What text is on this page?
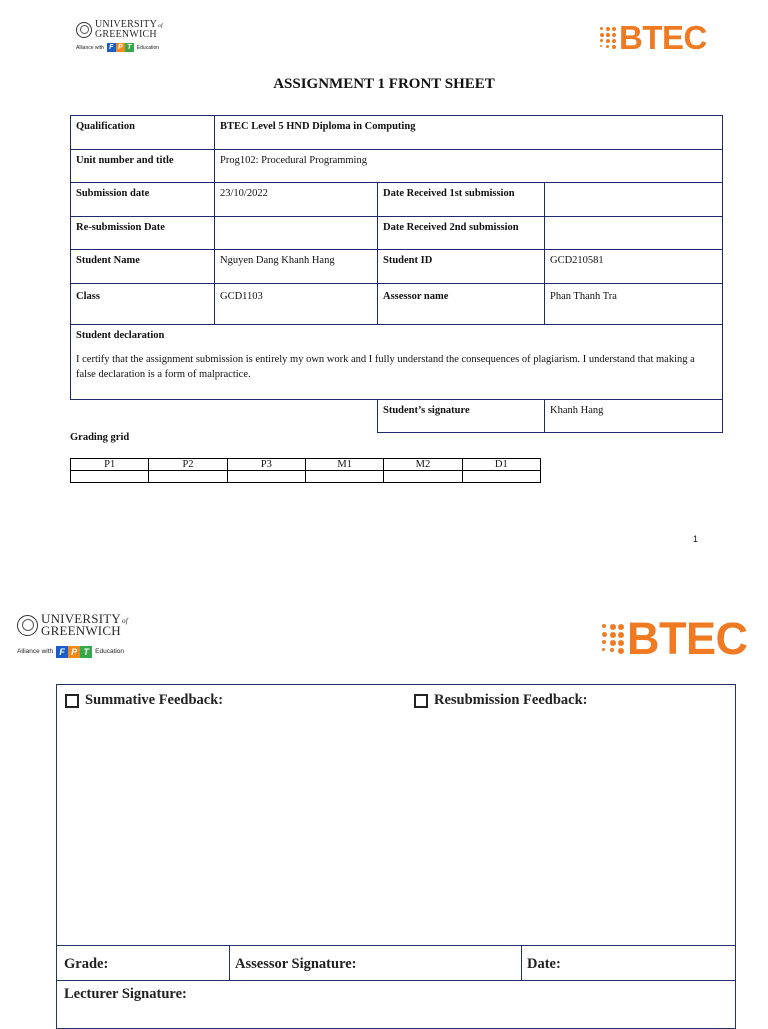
UNIVERSITYof
GREENWICH
Alliance with F P T	Education	BTEC
ASSIGNMENT 1 FRONT SHEET
Qualification	BTEC Level 5 HND Diploma in Computing		
Unit number and title	Prog102: Procedural Programming		
Submission date	23/10/2022	Date Received 1st submission	
Re-submission Date		Date Received 2nd submission	
Student Name	Nguyen Dang Khanh Hang	Student ID	GCD210581
Class	GCD1103	Assessor name	Phan Thanh Tra

Student declaration
I certify that the assignment submission is entirely my own work and I fully understand the consequences of plagiarism. I understand that making a false declaration is a form of malpractice.			

		Student’s signature	Khanh Hang
Grading grid
P1	P2	P3	M1	M2	D1

1
UNIVERSITYof
GREENWICH
Alliance with F P T Education	BTEC
Summative Feedback:	Resubmission Feedback:
Grade:	Assessor Signature:	Date:
Lecturer Signature:
